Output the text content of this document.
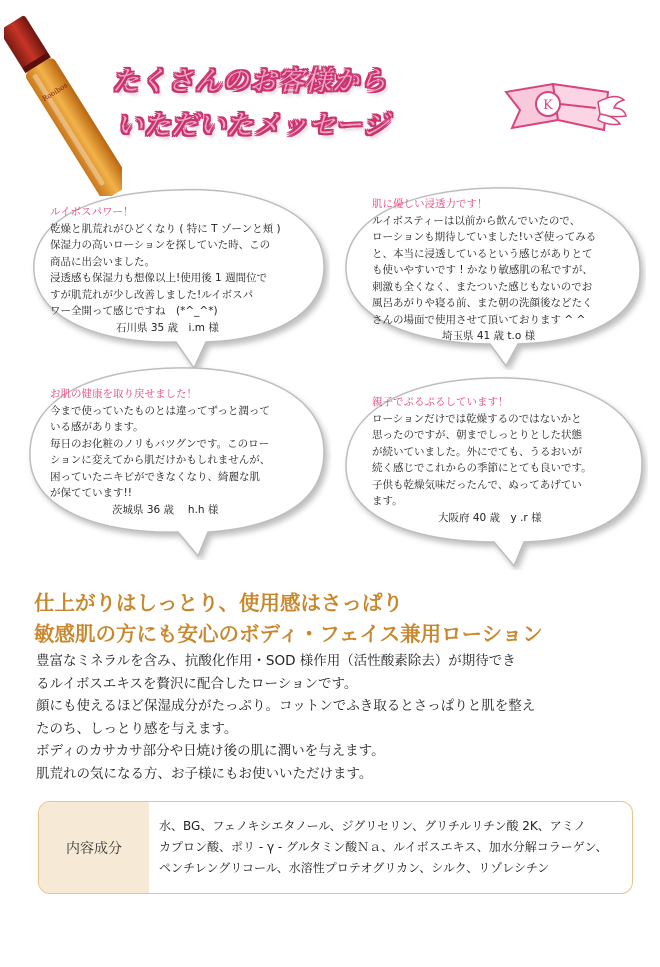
Rooibos たくさんのお客様から
いただいたメッセージ
K
ルイボスパワー！
乾燥と肌荒れがひどくなり ( 特に T ゾーンと頬 )
保湿力の高いローションを探していた時、この
商品に出会いました。
浸透感も保湿力も想像以上!使用後 1 週間位で
すが肌荒れが少し改善しました!ルイボスパ
ワー全開って感じですね　(*^_^*)

石川県 35 歳　i.m 様
肌に優しい浸透力です！
ルイボスティーは以前から飲んでいたので、
ローションも期待していました!いざ使ってみる
と、本当に浸透しているという感じがありとて
も使いやすいです ! かなり敏感肌の私ですが、
刺激も全くなく、またついた感じもないのでお
風呂あがりや寝る前、また朝の洗顔後などたく
さんの場面で使用させて頂いております ^ ^

埼玉県 41 歳 t.o 様
お肌の健康を取り戻せました！
今まで使っていたものとは違ってずっと潤って
いる感があります。
毎日のお化粧のノリもバツグンです。このロー
ションに変えてから肌だけかもしれませんが、
困っていたニキビができなくなり、綺麗な肌
が保てています!!

茨城県 36 歳　 h.h 様
親子でぷるぷるしています！
ローションだけでは乾燥するのではないかと
思ったのですが、朝までしっとりとした状態
が続いていました。外にでても、うるおいが
続く感じでこれからの季節にとても良いです。
子供も乾燥気味だったんで、ぬってあげてい
ます。

大阪府 40 歳　y .r 様
仕上がりはしっとり、使用感はさっぱり
敏感肌の方にも安心のボディ・フェイス兼用ローション
豊富なミネラルを含み、抗酸化作用・SOD 様作用（活性酸素除去）が期待でき
るルイボスエキスを贅沢に配合したローションです。
顔にも使えるほど保湿成分がたっぷり。コットンでふき取るとさっぱりと肌を整え
たのち、しっとり感を与えます。
ボディのカサカサ部分や日焼け後の肌に潤いを与えます。
肌荒れの気になる方、お子様にもお使いいただけます。
内容成分
水、BG、フェノキシエタノール、ジグリセリン、グリチルリチン酸 2K、アミノ
カプロン酸、ポリ - γ - グルタミン酸Ｎａ、ルイボスエキス、加水分解コラーゲン、
ペンチレングリコール、水溶性プロテオグリカン、シルク、リゾレシチン
